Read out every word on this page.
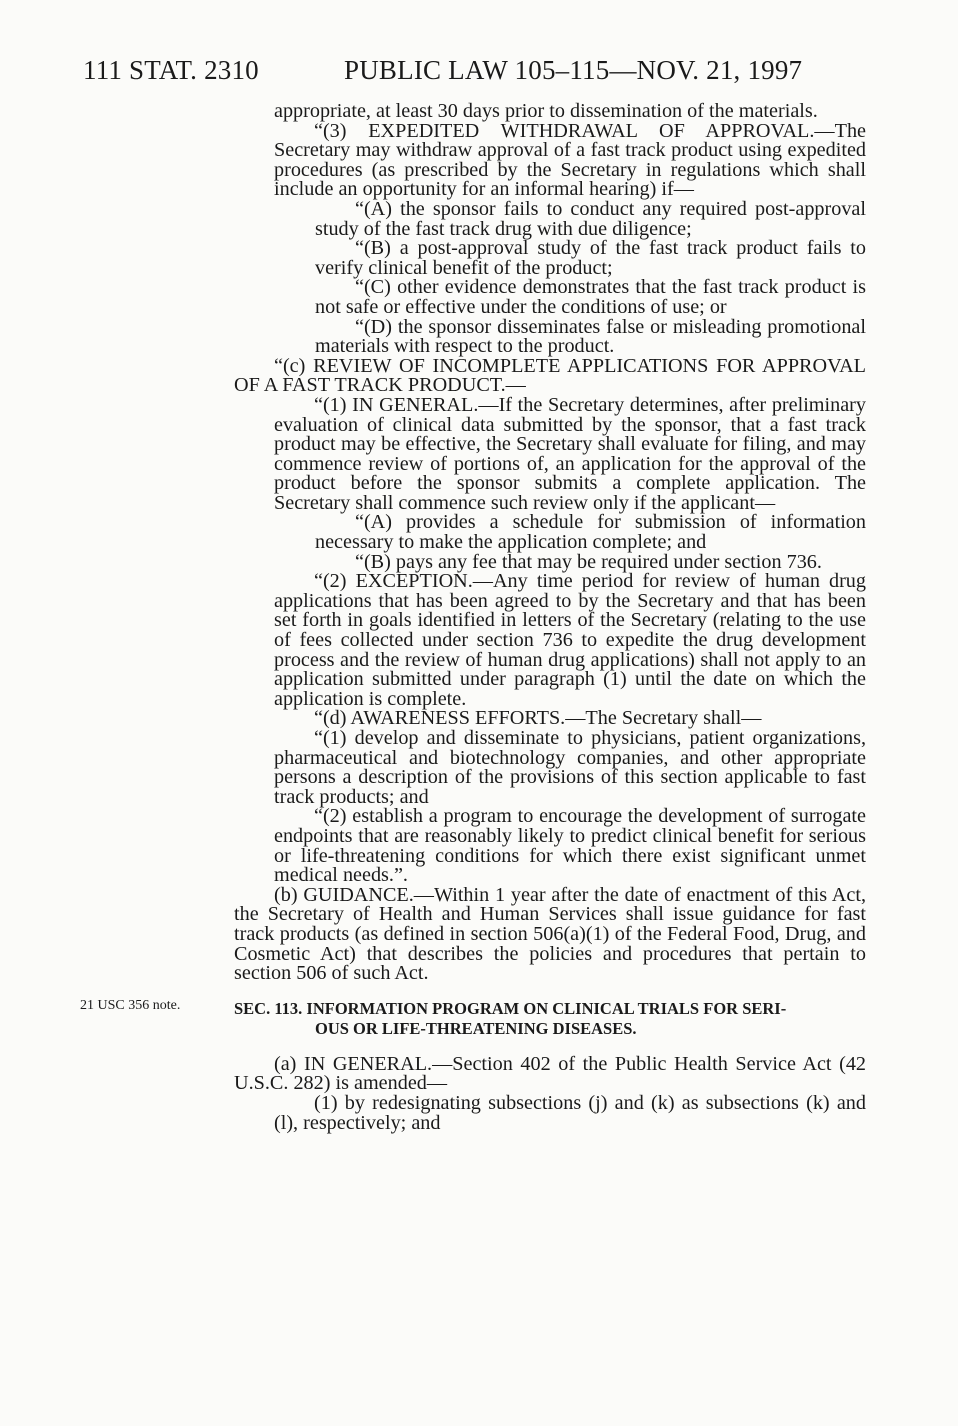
111 STAT. 2310	PUBLIC LAW 105–115—NOV. 21, 1997
21 USC 356 note.

appropriate, at least 30 days prior to dissemination of the materials.

“(3) EXPEDITED WITHDRAWAL OF APPROVAL.—The Secretary may withdraw approval of a fast track product using expedited procedures (as prescribed by the Secretary in regulations which shall include an opportunity for an informal hearing) if—

“(A) the sponsor fails to conduct any required post-approval study of the fast track drug with due diligence;

“(B) a post-approval study of the fast track product fails to verify clinical benefit of the product;

“(C) other evidence demonstrates that the fast track product is not safe or effective under the conditions of use; or

“(D) the sponsor disseminates false or misleading promotional materials with respect to the product.

“(c) REVIEW OF INCOMPLETE APPLICATIONS FOR APPROVAL OF A FAST TRACK PRODUCT.—

“(1) IN GENERAL.—If the Secretary determines, after preliminary evaluation of clinical data submitted by the sponsor, that a fast track product may be effective, the Secretary shall evaluate for filing, and may commence review of portions of, an application for the approval of the product before the sponsor submits a complete application. The Secretary shall commence such review only if the applicant—

“(A) provides a schedule for submission of information necessary to make the application complete; and

“(B) pays any fee that may be required under section 736.

“(2) EXCEPTION.—Any time period for review of human drug applications that has been agreed to by the Secretary and that has been set forth in goals identified in letters of the Secretary (relating to the use of fees collected under section 736 to expedite the drug development process and the review of human drug applications) shall not apply to an application submitted under paragraph (1) until the date on which the application is complete.

“(d) AWARENESS EFFORTS.—The Secretary shall—

“(1) develop and disseminate to physicians, patient organizations, pharmaceutical and biotechnology companies, and other appropriate persons a description of the provisions of this section applicable to fast track products; and

“(2) establish a program to encourage the development of surrogate endpoints that are reasonably likely to predict clinical benefit for serious or life-threatening conditions for which there exist significant unmet medical needs.”.

(b) GUIDANCE.—Within 1 year after the date of enactment of this Act, the Secretary of Health and Human Services shall issue guidance for fast track products (as defined in section 506(a)(1) of the Federal Food, Drug, and Cosmetic Act) that describes the policies and procedures that pertain to section 506 of such Act.

SEC. 113. INFORMATION PROGRAM ON CLINICAL TRIALS FOR SERI-
OUS OR LIFE-THREATENING DISEASES.

(a) IN GENERAL.—Section 402 of the Public Health Service Act (42 U.S.C. 282) is amended—

(1) by redesignating subsections (j) and (k) as subsections (k) and (l), respectively; and
